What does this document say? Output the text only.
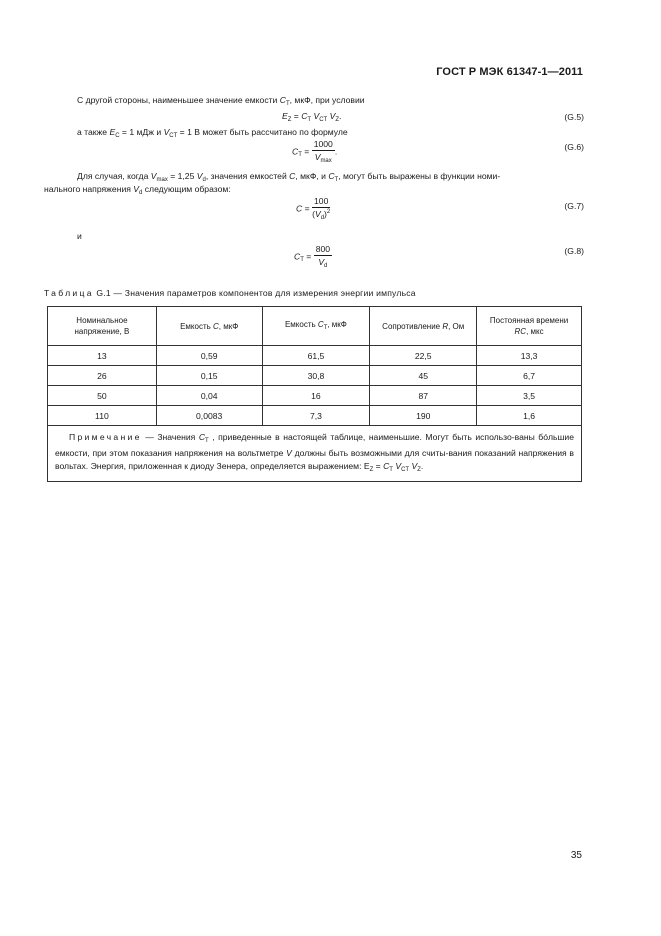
ГОСТ Р МЭК 61347-1—2011
С другой стороны, наименьшее значение емкости $C_T$, мкФ, при условии
$E_Z = C_T$ $V_{CT}$ $V_Z$.	(G.5)
а также $E_C = 1$ мДж и $V_{CT} = 1$ В может быть рассчитано по формуле
$C_T = \frac{1000}{V_{max}}$ .	(G.6)
Для случая, когда $V_{max} = 1,25$ $V_d$, значения емкостей C, мкФ, и $C_T$, могут быть выражены в функции номи-
нального напряжения $V_d$ следующим образом:
$C = \frac{100}{(V_d)^2}$	(G.7)
и
$C_T = \frac{800}{V_d}$	(G.8)
Таблица G.1 — Значения параметров компонентов для измерения энергии импульса
Номинальное
напряжение, В	Емкость C, мкФ	Емкость $C_T$, мкФ	Сопротивление R, Ом	Постоянная времени
RC, мкс
13	0,59	61,5	22,5	13,3
26	0,15	30,8	45	6,7
50	0,04	16	87	3,5
110	0,0083	7,3	190	1,6
Примечание — Значения $C_T$ , приведенные в настоящей таблице, наименьшие. Могут быть использо-ваны бóльшие емкости, при этом показания напряжения на вольтметре V должны быть возможными для считы-вания показаний напряжения в вольтах. Энергия, приложенная к диоду Зенера, определяется выражением: $E_Z = C_T$ $V_{CT}$ $V_Z$.				
35
